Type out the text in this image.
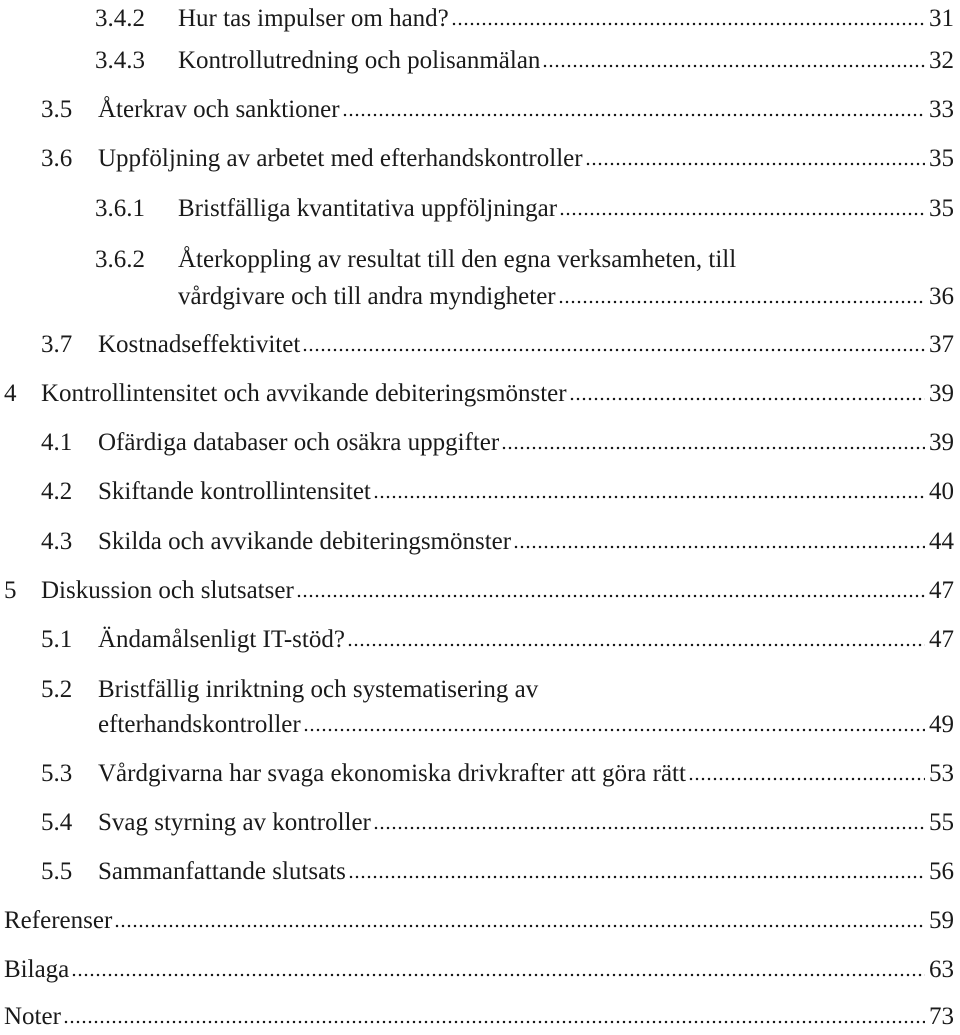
3.4.2 Hur tas impulser om hand?	31
3.4.3 Kontrollutredning och polisanmälan	32
3.5 Återkrav och sanktioner	33
3.6 Uppföljning av arbetet med efterhandskontroller	35
3.6.1 Bristfälliga kvantitativa uppföljningar	35
3.6.2 Återkoppling av resultat till den egna verksamheten, till
vårdgivare och till andra myndigheter	36
3.7 Kostnadseffektivitet	37
4 Kontrollintensitet och avvikande debiteringsmönster	39
4.1 Ofärdiga databaser och osäkra uppgifter	39
4.2 Skiftande kontrollintensitet	40
4.3 Skilda och avvikande debiteringsmönster	44
5 Diskussion och slutsatser	47
5.1 Ändamålsenligt IT-stöd?	47
5.2 Bristfällig inriktning och systematisering av
efterhandskontroller	49
5.3 Vårdgivarna har svaga ekonomiska drivkrafter att göra rätt	53
5.4 Svag styrning av kontroller	55
5.5 Sammanfattande slutsats	56
Referenser	59
Bilaga	63
Noter	73
